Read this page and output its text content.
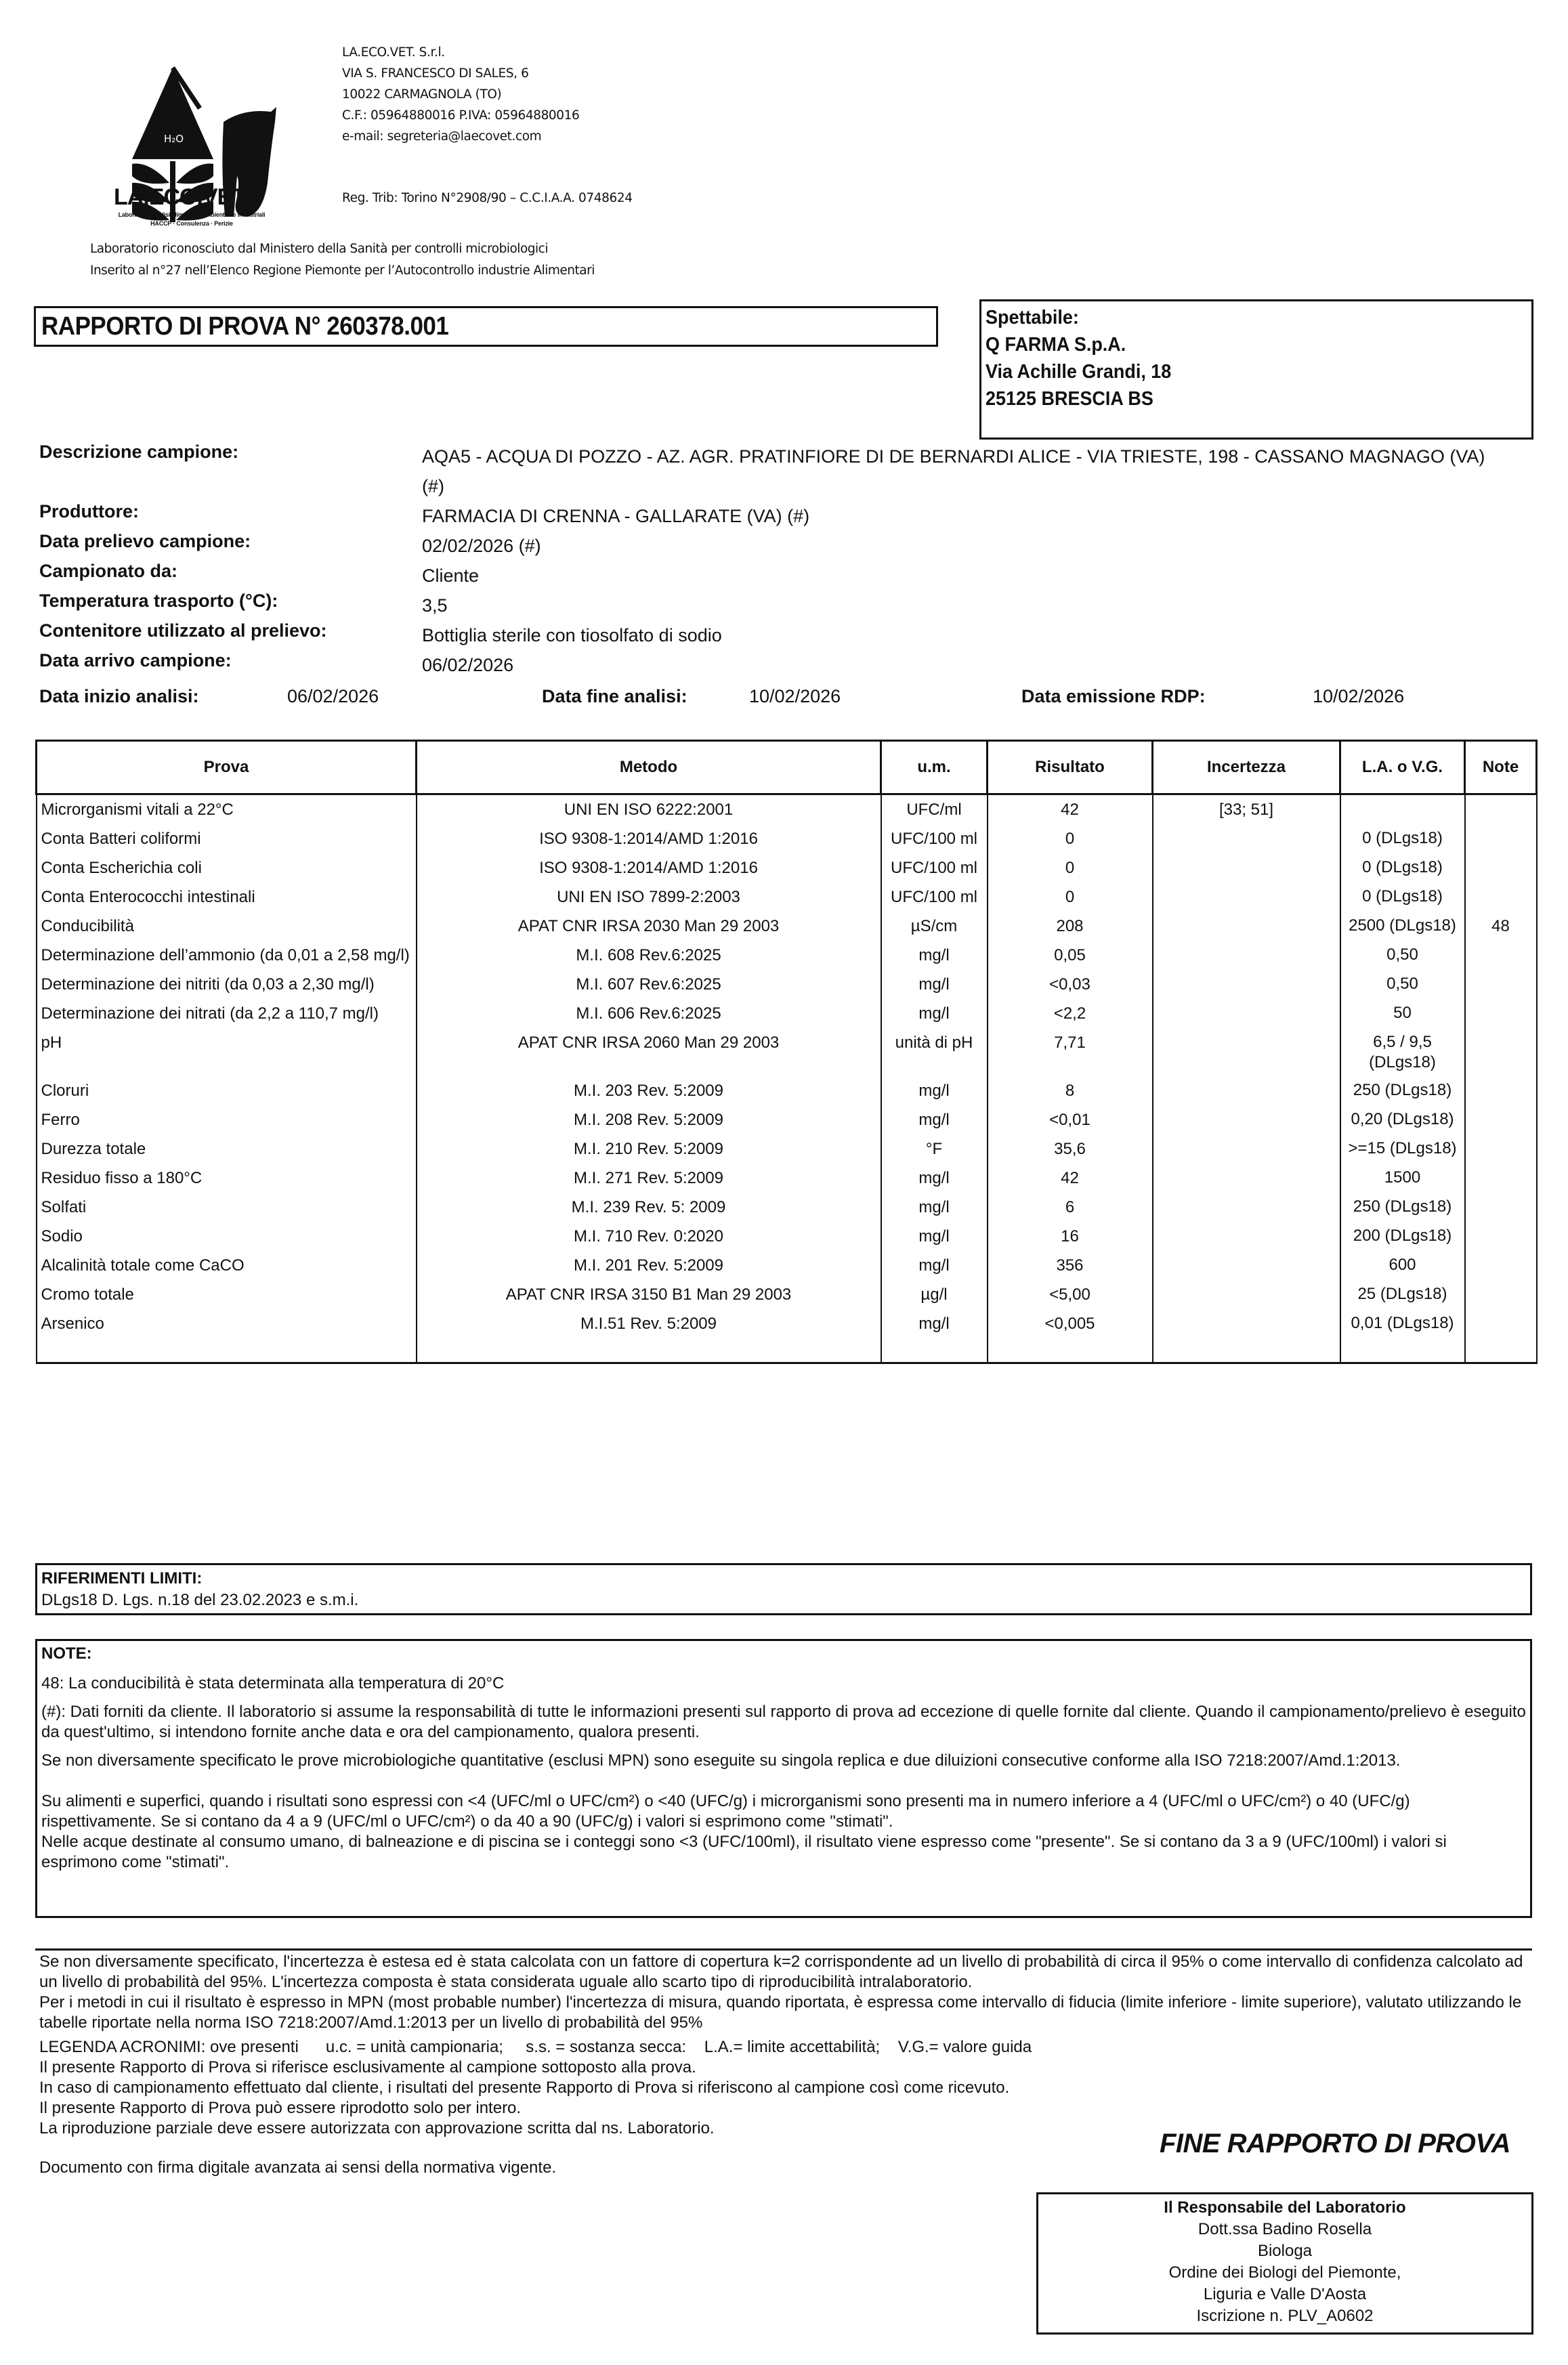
H₂O
LA.ECO.VET.
Laboratorio analisi alimentari, ambientali e industriali
HACCP · Consulenza · Perizie
LA.ECO.VET. S.r.l.
VIA S. FRANCESCO DI SALES, 6
10022 CARMAGNOLA (TO)
C.F.: 05964880016 P.IVA: 05964880016
e-mail: segreteria@laecovet.com
Reg. Trib: Torino N°2908/90 – C.C.I.A.A. 0748624
Laboratorio riconosciuto dal Ministero della Sanità per controlli microbiologici
Inserito al n°27 nell’Elenco Regione Piemonte per l’Autocontrollo industrie Alimentari
RAPPORTO DI PROVA N° 260378.001	Spettabile:
Q FARMA S.p.A.
Via Achille Grandi, 18
25125 BRESCIA BS
Descrizione campione:	AQA5 - ACQUA DI POZZO - AZ. AGR. PRATINFIORE DI DE BERNARDI ALICE - VIA TRIESTE, 198 - CASSANO MAGNAGO (VA) (#)
Produttore:	FARMACIA DI CRENNA - GALLARATE (VA) (#)
Data prelievo campione:	02/02/2026 (#)
Campionato da:	Cliente
Temperatura trasporto (°C):	3,5
Contenitore utilizzato al prelievo:	Bottiglia sterile con tiosolfato di sodio
Data arrivo campione:	06/02/2026
Data inizio analisi:	06/02/2026	Data fine analisi:	10/02/2026	Data emissione RDP:	10/02/2026
Prova	Metodo	u.m.	Risultato	Incertezza	L.A. o V.G.	Note
Microrganismi vitali a 22°C	UNI EN ISO 6222:2001	UFC/ml	42	[33; 51]		
Conta Batteri coliformi	ISO 9308-1:2014/AMD 1:2016	UFC/100 ml	0		0 (DLgs18)	
Conta Escherichia coli	ISO 9308-1:2014/AMD 1:2016	UFC/100 ml	0		0 (DLgs18)	
Conta Enterococchi intestinali	UNI EN ISO 7899-2:2003	UFC/100 ml	0		0 (DLgs18)	
Conducibilità	APAT CNR IRSA 2030 Man 29 2003	µS/cm	208		2500 (DLgs18)	48
Determinazione dell’ammonio (da 0,01 a 2,58 mg/l)	M.I. 608 Rev.6:2025	mg/l	0,05		0,50	
Determinazione dei nitriti (da 0,03 a 2,30 mg/l)	M.I. 607 Rev.6:2025	mg/l	<0,03		0,50	
Determinazione dei nitrati (da 2,2 a 110,7 mg/l)	M.I. 606 Rev.6:2025	mg/l	<2,2		50	
pH	APAT CNR IRSA 2060 Man 29 2003	unità di pH	7,71		6,5 / 9,5 (DLgs18)	
Cloruri	M.I. 203 Rev. 5:2009	mg/l	8		250 (DLgs18)	
Ferro	M.I. 208 Rev. 5:2009	mg/l	<0,01		0,20 (DLgs18)	
Durezza totale	M.I. 210 Rev. 5:2009	°F	35,6		>=15 (DLgs18)	
Residuo fisso a 180°C	M.I. 271 Rev. 5:2009	mg/l	42		1500	
Solfati	M.I. 239 Rev. 5: 2009	mg/l	6		250 (DLgs18)	
Sodio	M.I. 710 Rev. 0:2020	mg/l	16		200 (DLgs18)	
Alcalinità totale come CaCO	M.I. 201 Rev. 5:2009	mg/l	356		600	
Cromo totale	APAT CNR IRSA 3150 B1 Man 29 2003	µg/l	<5,00		25 (DLgs18)	
Arsenico	M.I.51 Rev. 5:2009	mg/l	<0,005		0,01 (DLgs18)	
RIFERIMENTI LIMITI:
DLgs18 D. Lgs. n.18 del 23.02.2023 e s.m.i.
NOTE:

48: La conducibilità è stata determinata alla temperatura di 20°C

(#): Dati forniti da cliente. Il laboratorio si assume la responsabilità di tutte le informazioni presenti sul rapporto di prova ad eccezione di quelle fornite dal cliente. Quando il campionamento/prelievo è eseguito da quest'ultimo, si intendono fornite anche data e ora del campionamento, qualora presenti.

Se non diversamente specificato le prove microbiologiche quantitative (esclusi MPN) sono eseguite su singola replica e due diluizioni consecutive conforme alla ISO 7218:2007/Amd.1:2013.

Su alimenti e superfici, quando i risultati sono espressi con <4 (UFC/ml o UFC/cm²) o <40 (UFC/g) i microrganismi sono presenti ma in numero inferiore a 4 (UFC/ml o UFC/cm²) o 40 (UFC/g) rispettivamente. Se si contano da 4 a 9 (UFC/ml o UFC/cm²) o da 40 a 90 (UFC/g) i valori si esprimono come "stimati".

Nelle acque destinate al consumo umano, di balneazione e di piscina se i conteggi sono <3 (UFC/100ml), il risultato viene espresso come "presente". Se si contano da 3 a 9 (UFC/100ml) i valori si esprimono come "stimati".

Se non diversamente specificato, l'incertezza è estesa ed è stata calcolata con un fattore di copertura k=2 corrispondente ad un livello di probabilità di circa il 95% o come intervallo di confidenza calcolato ad un livello di probabilità del 95%. L'incertezza composta è stata considerata uguale allo scarto tipo di riproducibilità intralaboratorio.

Per i metodi in cui il risultato è espresso in MPN (most probable number) l'incertezza di misura, quando riportata, è espressa come intervallo di fiducia (limite inferiore - limite superiore), valutato utilizzando le tabelle riportate nella norma ISO 7218:2007/Amd.1:2013 per un livello di probabilità del 95%

LEGENDA ACRONIMI: ove presenti      u.c. = unità campionaria;     s.s. = sostanza secca:    L.A.= limite accettabilità;    V.G.= valore guida

Il presente Rapporto di Prova si riferisce esclusivamente al campione sottoposto alla prova.

In caso di campionamento effettuato dal cliente, i risultati del presente Rapporto di Prova si riferiscono al campione così come ricevuto.

Il presente Rapporto di Prova può essere riprodotto solo per intero.

La riproduzione parziale deve essere autorizzata con approvazione scritta dal ns. Laboratorio.

Documento con firma digitale avanzata ai sensi della normativa vigente.

FINE RAPPORTO DI PROVA
Il Responsabile del Laboratorio
Dott.ssa Badino Rosella
Biologa
Ordine dei Biologi del Piemonte,
Liguria e Valle D'Aosta
Iscrizione n. PLV_A0602
